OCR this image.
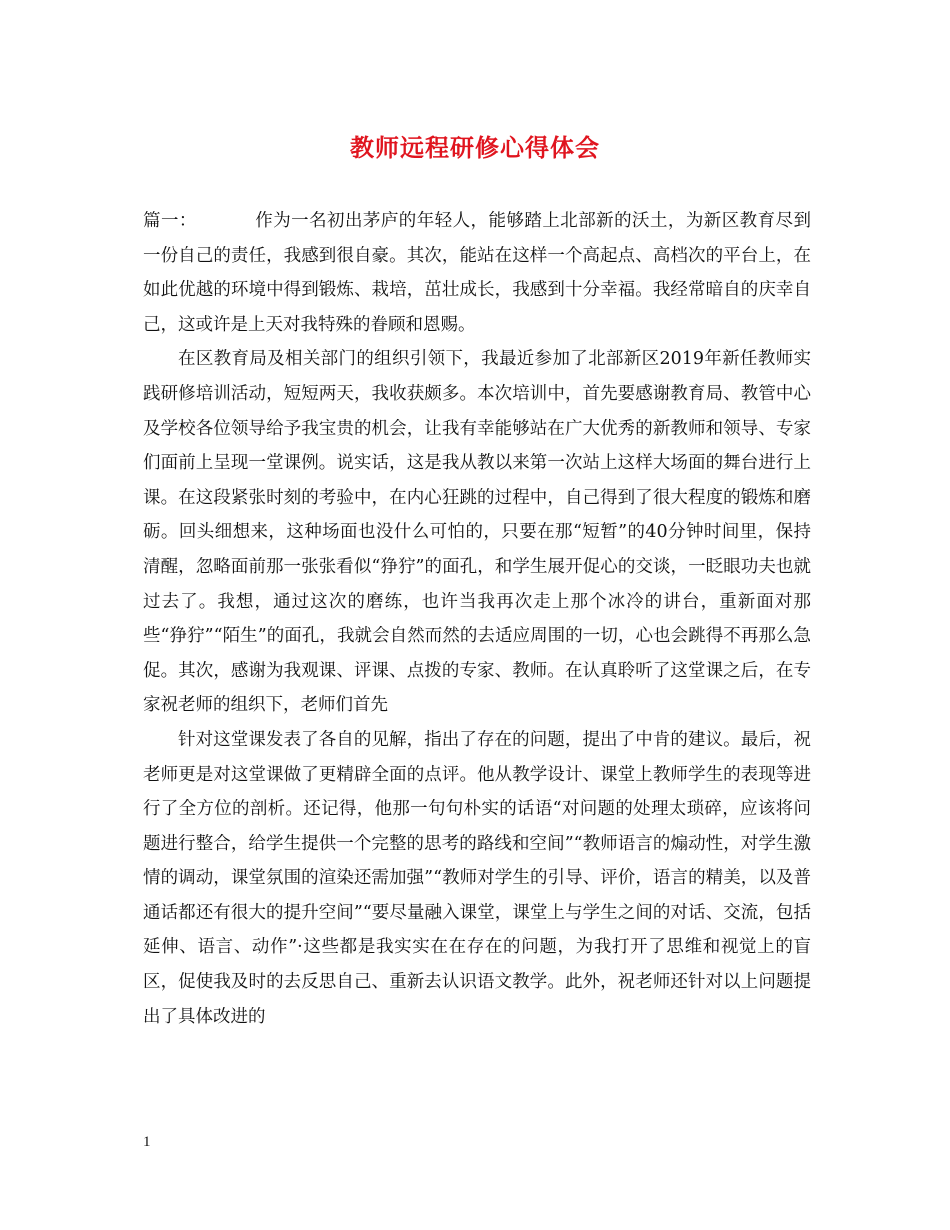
教师远程研修心得体会

篇一：	作为一名初出茅庐的年轻人，能够踏上北部新的沃土，为新区教育尽到一份自己的责任，我感到很自豪。其次，能站在这样一个高起点、高档次的平台上，在如此优越的环境中得到锻炼、栽培，茁壮成长，我感到十分幸福。我经常暗自的庆幸自己，这或许是上天对我特殊的眷顾和恩赐。

在区教育局及相关部门的组织引领下，我最近参加了北部新区2019年新任教师实践研修培训活动，短短两天，我收获颇多。本次培训中，首先要感谢教育局、教管中心及学校各位领导给予我宝贵的机会，让我有幸能够站在广大优秀的新教师和领导、专家们面前上呈现一堂课例。说实话，这是我从教以来第一次站上这样大场面的舞台进行上课。在这段紧张时刻的考验中，在内心狂跳的过程中，自己得到了很大程度的锻炼和磨砺。回头细想来，这种场面也没什么可怕的，只要在那“短暂”的40分钟时间里，保持清醒，忽略面前那一张张看似“狰狞”的面孔，和学生展开促心的交谈，一眨眼功夫也就过去了。我想，通过这次的磨练，也许当我再次走上那个冰冷的讲台，重新面对那些“狰狞”“陌生”的面孔，我就会自然而然的去适应周围的一切，心也会跳得不再那么急促。其次，感谢为我观课、评课、点拨的专家、教师。在认真聆听了这堂课之后，在专家祝老师的组织下，老师们首先

针对这堂课发表了各自的见解，指出了存在的问题，提出了中肯的建议。最后，祝老师更是对这堂课做了更精辟全面的点评。他从教学设计、课堂上教师学生的表现等进行了全方位的剖析。还记得，他那一句句朴实的话语“对问题的处理太琐碎，应该将问题进行整合，给学生提供一个完整的思考的路线和空间”“教师语言的煽动性，对学生激情的调动，课堂氛围的渲染还需加强”“教师对学生的引导、评价，语言的精美，以及普通话都还有很大的提升空间”“要尽量融入课堂，课堂上与学生之间的对话、交流，包括延伸、语言、动作”·这些都是我实实在在存在的问题，为我打开了思维和视觉上的盲区，促使我及时的去反思自己、重新去认识语文教学。此外，祝老师还针对以上问题提出了具体改进的

1
